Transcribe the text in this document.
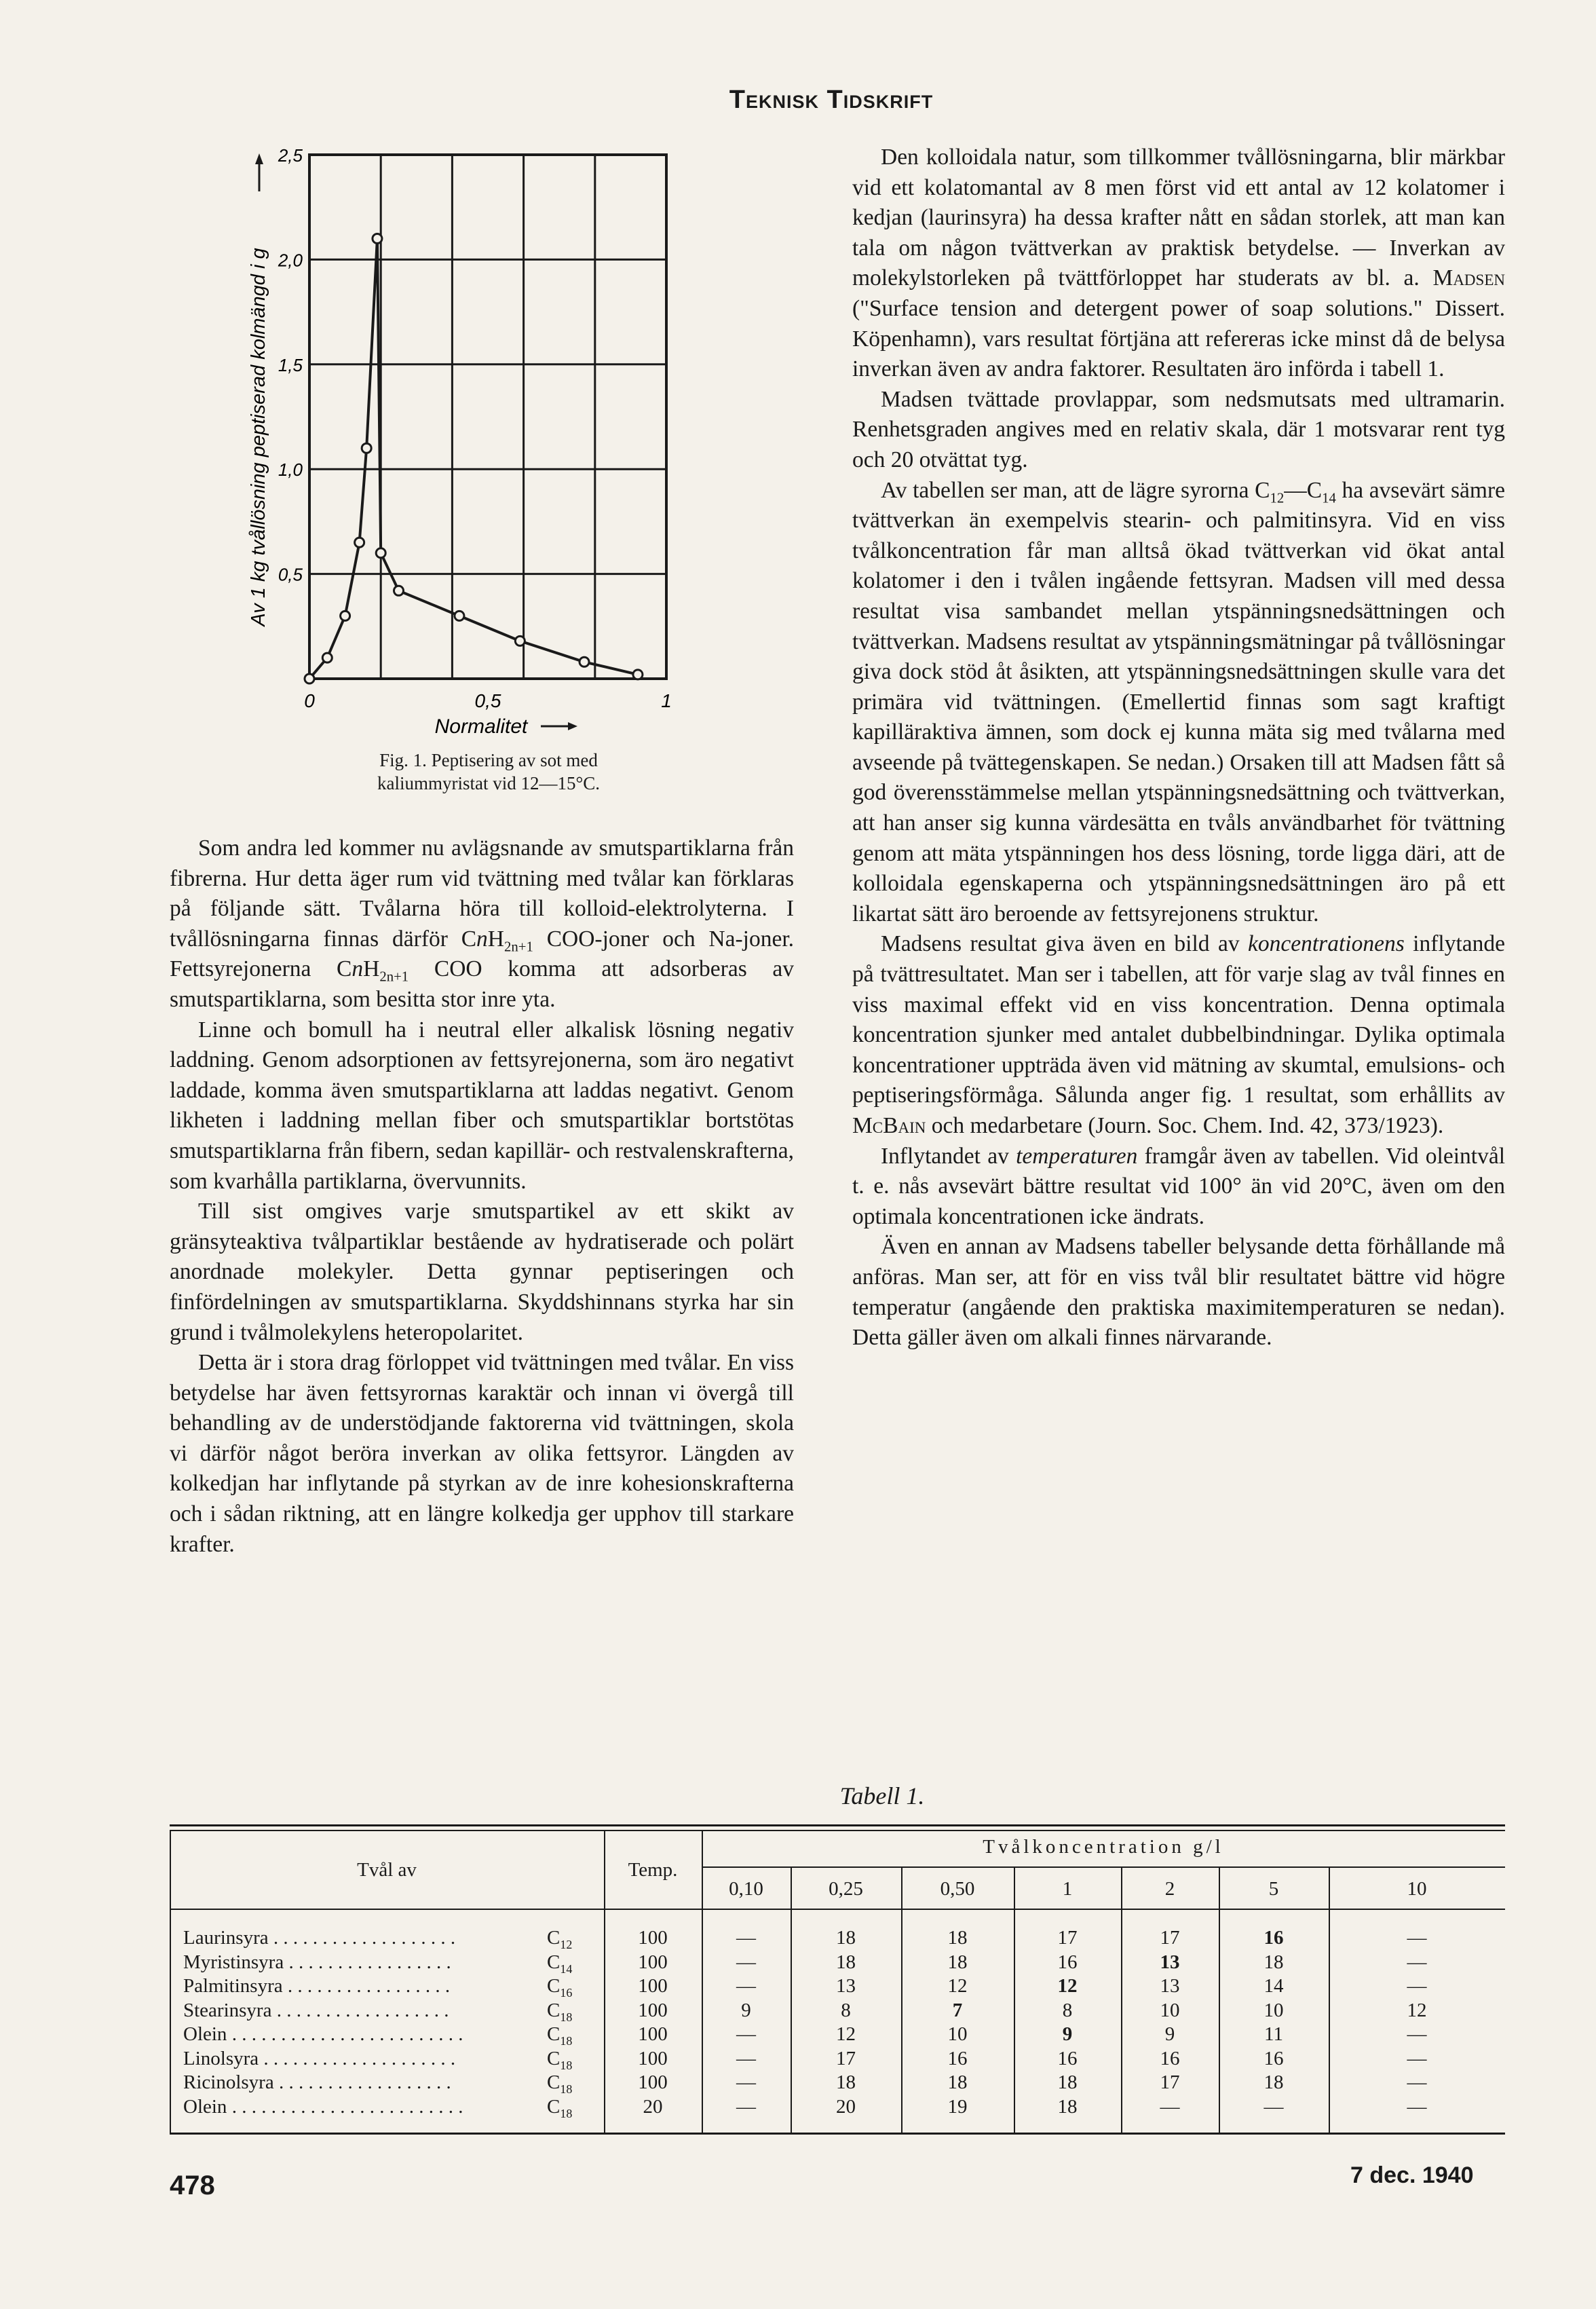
Teknisk Tidskrift
0,5
1,0
1,5
2,0
2,5
0	0,5	1
Normalitet
Av 1 kg tvållösning peptiserad kolmängd i g
Fig. 1. Peptisering av sot med
kaliummyristat vid 12—15°C.

Som andra led kommer nu avlägsnande av smutspartiklarna från fibrerna. Hur detta äger rum vid tvättning med tvålar kan förklaras på följande sätt. Tvålarna höra till kolloid-elektrolyterna. I tvållösningarna finnas därför CnH$_{2n+1}$ COO-joner och Na-joner. Fettsyrejonerna CnH$_{2n+1}$ COO komma att adsorberas av smutspartiklarna, som besitta stor inre yta.

Linne och bomull ha i neutral eller alkalisk lösning negativ laddning. Genom adsorptionen av fettsyrejonerna, som äro negativt laddade, komma även smutspartiklarna att laddas negativt. Genom likheten i laddning mellan fiber och smutspartiklar bortstötas smutspartiklarna från fibern, sedan kapillär- och restvalenskrafterna, som kvarhålla partiklarna, övervunnits.

Till sist omgives varje smutspartikel av ett skikt av gränsyteaktiva tvålpartiklar bestående av hydratiserade och polärt anordnade molekyler. Detta gynnar peptiseringen och finfördelningen av smutspartiklarna. Skyddshinnans styrka har sin grund i tvålmolekylens heteropolaritet.

Detta är i stora drag förloppet vid tvättningen med tvålar. En viss betydelse har även fettsyrornas karaktär och innan vi övergå till behandling av de understödjande faktorerna vid tvättningen, skola vi därför något beröra inverkan av olika fettsyror. Längden av kolkedjan har inflytande på styrkan av de inre kohesionskrafterna och i sådan riktning, att en längre kolkedja ger upphov till starkare krafter.

Den kolloidala natur, som tillkommer tvållösningarna, blir märkbar vid ett kolatomantal av 8 men först vid ett antal av 12 kolatomer i kedjan (laurinsyra) ha dessa krafter nått en sådan storlek, att man kan tala om någon tvättverkan av praktisk betydelse. — Inverkan av molekylstorleken på tvättförloppet har studerats av bl. a. Madsen ("Surface tension and detergent power of soap solutions." Dissert. Köpenhamn), vars resultat förtjäna att refereras icke minst då de belysa inverkan även av andra faktorer. Resultaten äro införda i tabell 1.

Madsen tvättade provlappar, som nedsmutsats med ultramarin. Renhetsgraden angives med en relativ skala, där 1 motsvarar rent tyg och 20 otvättat tyg.

Av tabellen ser man, att de lägre syrorna $C_{12}—C_{14}$ ha avsevärt sämre tvättverkan än exempelvis stearin- och palmitinsyra. Vid en viss tvålkoncentration får man alltså ökad tvättverkan vid ökat antal kolatomer i den i tvålen ingående fettsyran. Madsen vill med dessa resultat visa sambandet mellan ytspänningsnedsättningen och tvättverkan. Madsens resultat av ytspänningsmätningar på tvållösningar giva dock stöd åt åsikten, att ytspänningsnedsättningen skulle vara det primära vid tvättningen. (Emellertid finnas som sagt kraftigt kapilläraktiva ämnen, som dock ej kunna mäta sig med tvålarna med avseende på tvättegenskapen. Se nedan.) Orsaken till att Madsen fått så god överensstämmelse mellan ytspänningsnedsättning och tvättverkan, att han anser sig kunna värdesätta en tvåls användbarhet för tvättning genom att mäta ytspänningen hos dess lösning, torde ligga däri, att de kolloidala egenskaperna och ytspänningsnedsättningen äro på ett likartat sätt äro beroende av fettsyrejonens struktur.

Madsens resultat giva även en bild av koncentrationens inflytande på tvättresultatet. Man ser i tabellen, att för varje slag av tvål finnes en viss maximal effekt vid en viss koncentration. Denna optimala koncentration sjunker med antalet dubbelbindningar. Dylika optimala koncentrationer uppträda även vid mätning av skumtal, emulsions- och peptiseringsförmåga. Sålunda anger fig. 1 resultat, som erhållits av McBain och medarbetare (Journ. Soc. Chem. Ind. 42, 373/1923).

Inflytandet av temperaturen framgår även av tabellen. Vid oleintvål t. e. nås avsevärt bättre resultat vid 100° än vid 20°C, även om den optimala koncentrationen icke ändrats.

Även en annan av Madsens tabeller belysande detta förhållande må anföras. Man ser, att för en viss tvål blir resultatet bättre vid högre temperatur (angående den praktiska maximitemperaturen se nedan). Detta gäller även om alkali finnes närvarande.

Tabell 1.
Tvål av	Temp.
Tvålkoncentration g/l
0,10	0,25	0,50	1	2	5	10
Laurinsyra . . . . . . . . . . . . . . . . . . .	$C_{12}$	100	—	18	18	17	17	16	—
Myristinsyra . . . . . . . . . . . . . . . . .	$C_{14}$	100	—	18	18	16	13	18	—
Palmitinsyra . . . . . . . . . . . . . . . . .	$C_{16}$	100	—	13	12	12	13	14	—
Stearinsyra . . . . . . . . . . . . . . . . . .	$C_{18}$	100	9	8	7	8	10	10	12
Olein . . . . . . . . . . . . . . . . . . . . . . . .	$C_{18}$	100	—	12	10	9	9	11	—
Linolsyra . . . . . . . . . . . . . . . . . . . .	$C_{18}$	100	—	17	16	16	16	16	—
Ricinolsyra . . . . . . . . . . . . . . . . . .	$C_{18}$	100	—	18	18	18	17	18	—
Olein . . . . . . . . . . . . . . . . . . . . . . . .	$C_{18}$	20	—	20	19	18	—	—	—
478	7 dec. 1940
